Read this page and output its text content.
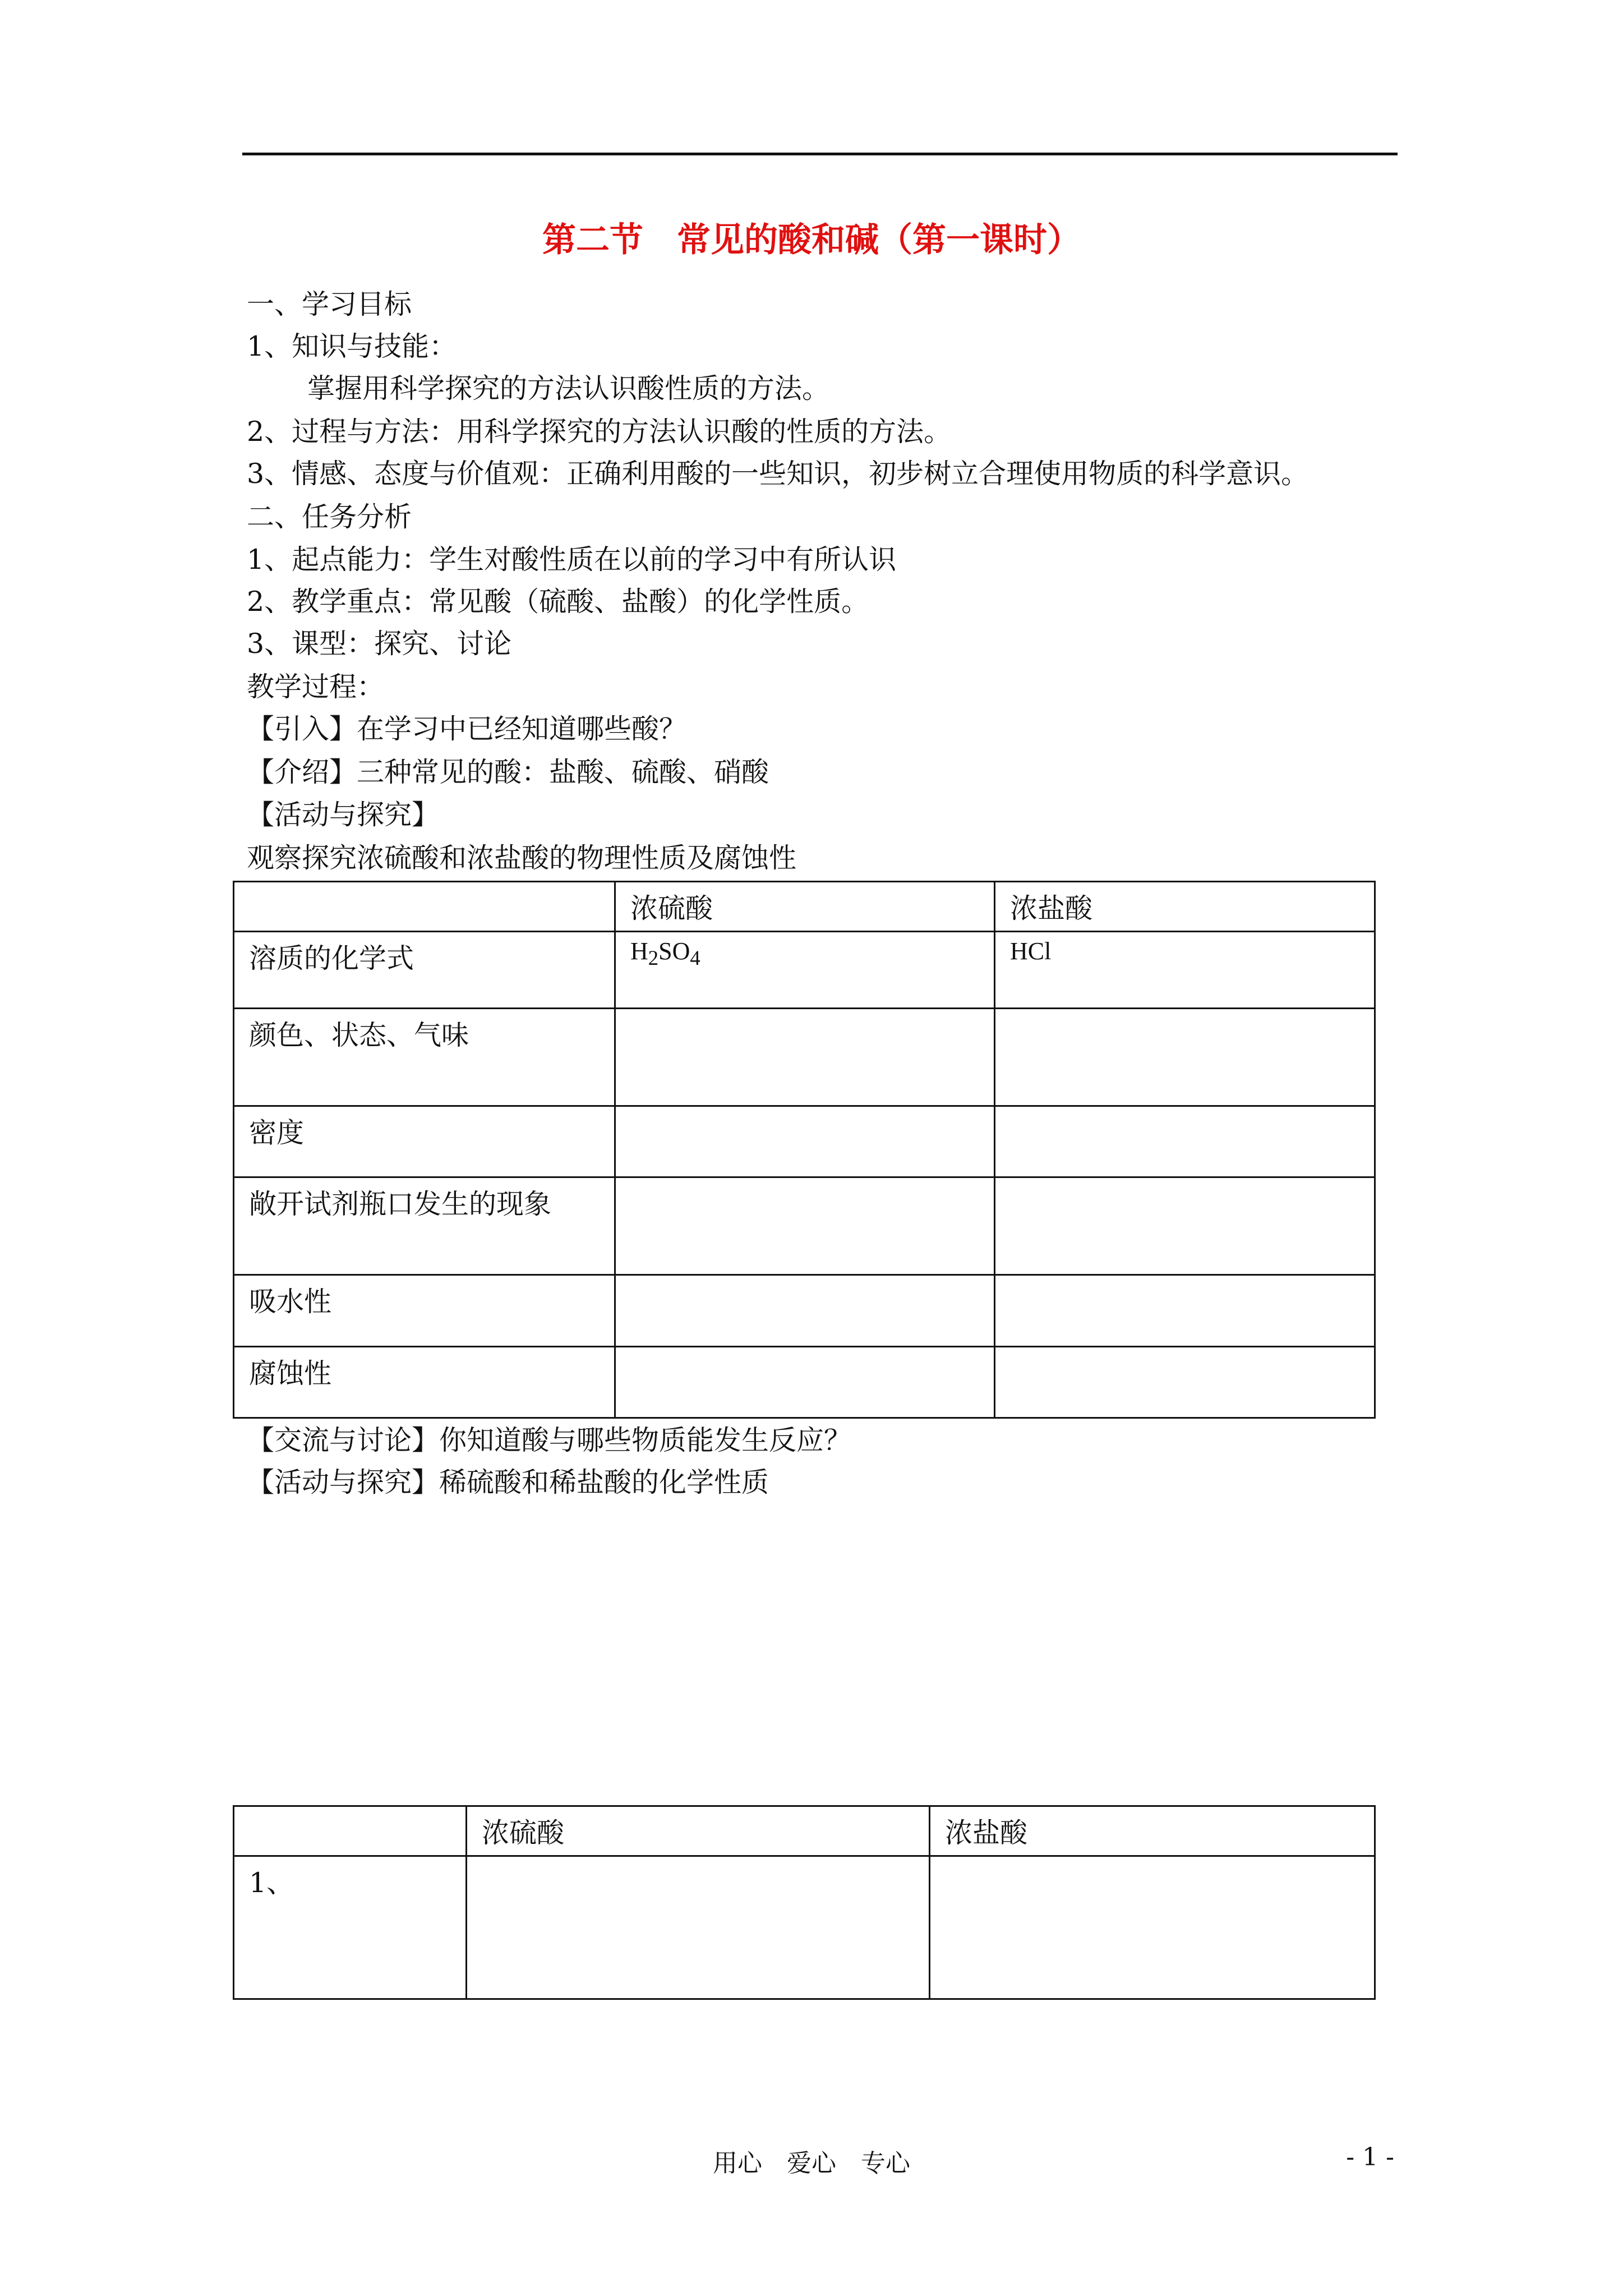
第二节　常见的酸和碱（第一课时）
一、学习目标
1、知识与技能：
掌握用科学探究的方法认识酸性质的方法。
2、过程与方法：用科学探究的方法认识酸的性质的方法。
3、情感、态度与价值观：正确利用酸的一些知识，初步树立合理使用物质的科学意识。
二、任务分析
1、起点能力：学生对酸性质在以前的学习中有所认识
2、教学重点：常见酸（硫酸、盐酸）的化学性质。
3、课型：探究、讨论
教学过程：
【引入】在学习中已经知道哪些酸？
【介绍】三种常见的酸：盐酸、硫酸、硝酸
【活动与探究】
观察探究浓硫酸和浓盐酸的物理性质及腐蚀性
	浓硫酸	浓盐酸
溶质的化学式	$H_2SO_4$	HCl
颜色、状态、气味		
密度		
敞开试剂瓶口发生的现象		
吸水性		
腐蚀性		
【交流与讨论】你知道酸与哪些物质能发生反应？
【活动与探究】稀硫酸和稀盐酸的化学性质
	浓硫酸	浓盐酸
1、		
用心　爱心　专心	- 1 -
